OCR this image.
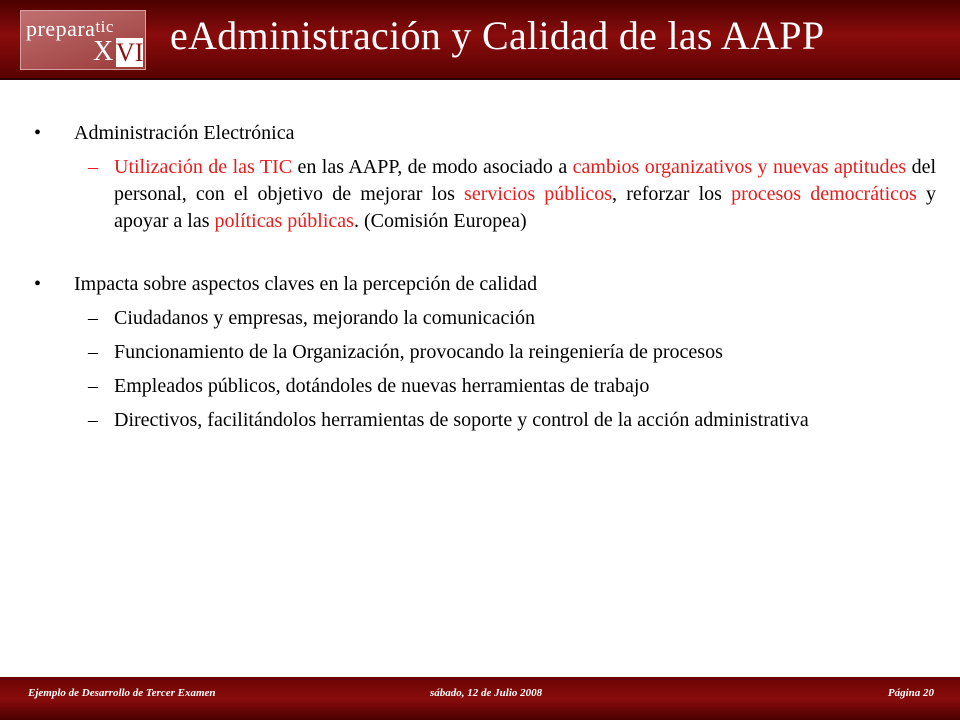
preparatic
X VI eAdministración y Calidad de las AAPP
• Administración Electrónica
– Utilización de las TIC en las AAPP, de modo asociado a cambios organizativos y nuevas aptitudes del personal, con el objetivo de mejorar los servicios públicos, reforzar los procesos democráticos y apoyar a las políticas públicas. (Comisión Europea)
• Impacta sobre aspectos claves en la percepción de calidad
– Ciudadanos y empresas, mejorando la comunicación
– Funcionamiento de la Organización, provocando la reingeniería de procesos
– Empleados públicos, dotándoles de nuevas herramientas de trabajo
– Directivos, facilitándolos herramientas de soporte y control de la acción administrativa
Ejemplo de Desarrollo de Tercer Examen	sábado, 12 de Julio 2008	Página 20
